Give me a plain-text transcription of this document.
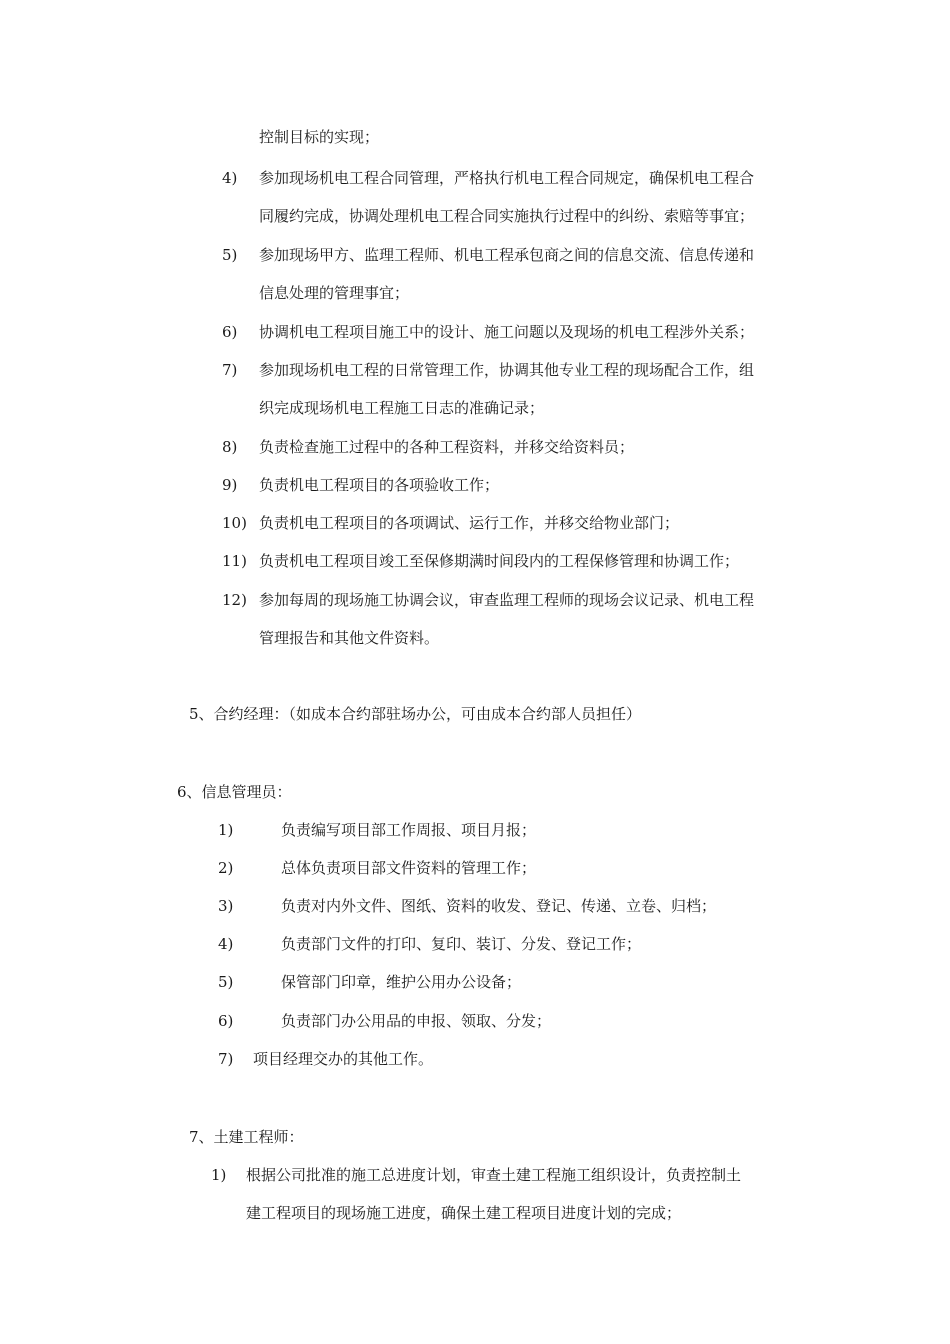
控制目标的实现；
4) 参加现场机电工程合同管理，严格执行机电工程合同规定，确保机电工程合
同履约完成，协调处理机电工程合同实施执行过程中的纠纷、索赔等事宜；
5) 参加现场甲方、监理工程师、机电工程承包商之间的信息交流、信息传递和
信息处理的管理事宜；
6) 协调机电工程项目施工中的设计、施工问题以及现场的机电工程涉外关系；
7) 参加现场机电工程的日常管理工作，协调其他专业工程的现场配合工作，组
织完成现场机电工程施工日志的准确记录；
8) 负责检查施工过程中的各种工程资料，并移交给资料员；
9) 负责机电工程项目的各项验收工作；
10) 负责机电工程项目的各项调试、运行工作，并移交给物业部门；
11) 负责机电工程项目竣工至保修期满时间段内的工程保修管理和协调工作；
12) 参加每周的现场施工协调会议，审查监理工程师的现场会议记录、机电工程
管理报告和其他文件资料。
5、合约经理：（如成本合约部驻场办公，可由成本合约部人员担任）
6、信息管理员：
1)	负责编写项目部工作周报、项目月报；
2)	总体负责项目部文件资料的管理工作；
3)	负责对内外文件、图纸、资料的收发、登记、传递、立卷、归档；
4)	负责部门文件的打印、复印、装订、分发、登记工作；
5)	保管部门印章，维护公用办公设备；
6)	负责部门办公用品的申报、领取、分发；
7) 项目经理交办的其他工作。
7、土建工程师：
1) 根据公司批准的施工总进度计划，审查土建工程施工组织设计，负责控制土
建工程项目的现场施工进度，确保土建工程项目进度计划的完成；
